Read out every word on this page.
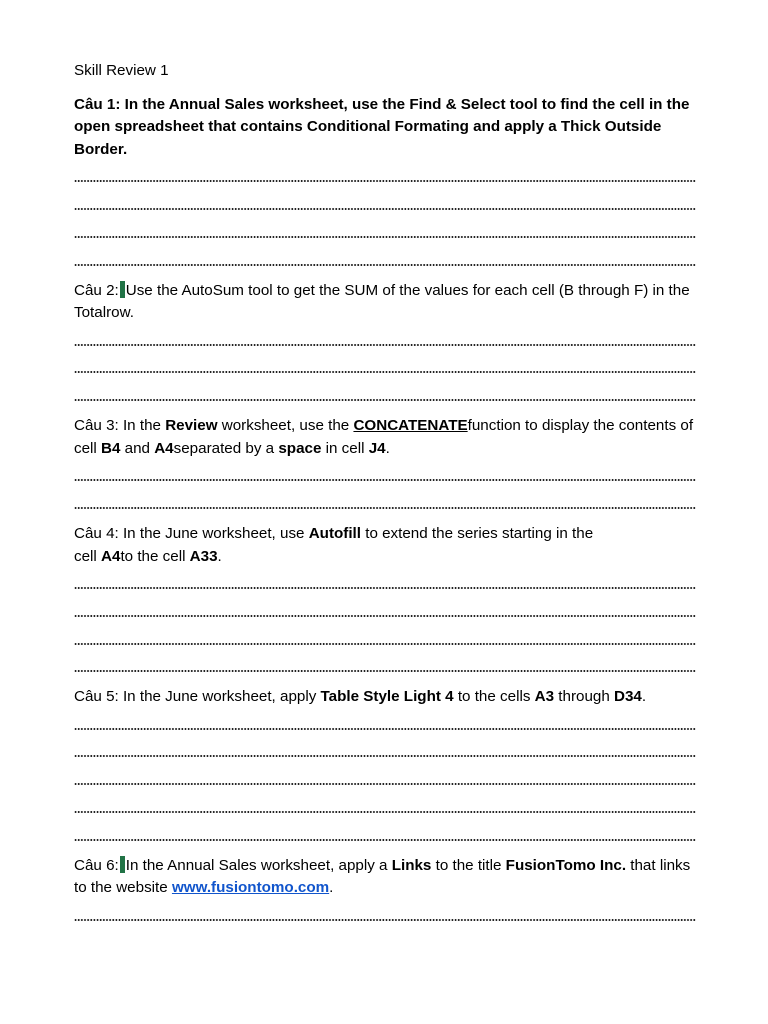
Skill Review 1

Câu 1: In the Annual Sales worksheet, use the Find & Select tool to find the cell in the open spreadsheet that contains Conditional Formating and apply a Thick Outside Border.

Câu 2: Use the AutoSum tool to get the SUM of the values for each cell (B through F) in the Totalrow.

Câu 3: In the Review worksheet, use the CONCATENATEfunction to display the contents of cell B4 and A4separated by a space in cell J4.

Câu 4: In the June worksheet, use Autofill to extend the series starting in the
cell A4to the cell A33.

Câu 5: In the June worksheet, apply Table Style Light 4 to the cells A3 through D34.

Câu 6: In the Annual Sales worksheet, apply a Links to the title FusionTomo Inc. that links to the website www.fusiontomo.com.
